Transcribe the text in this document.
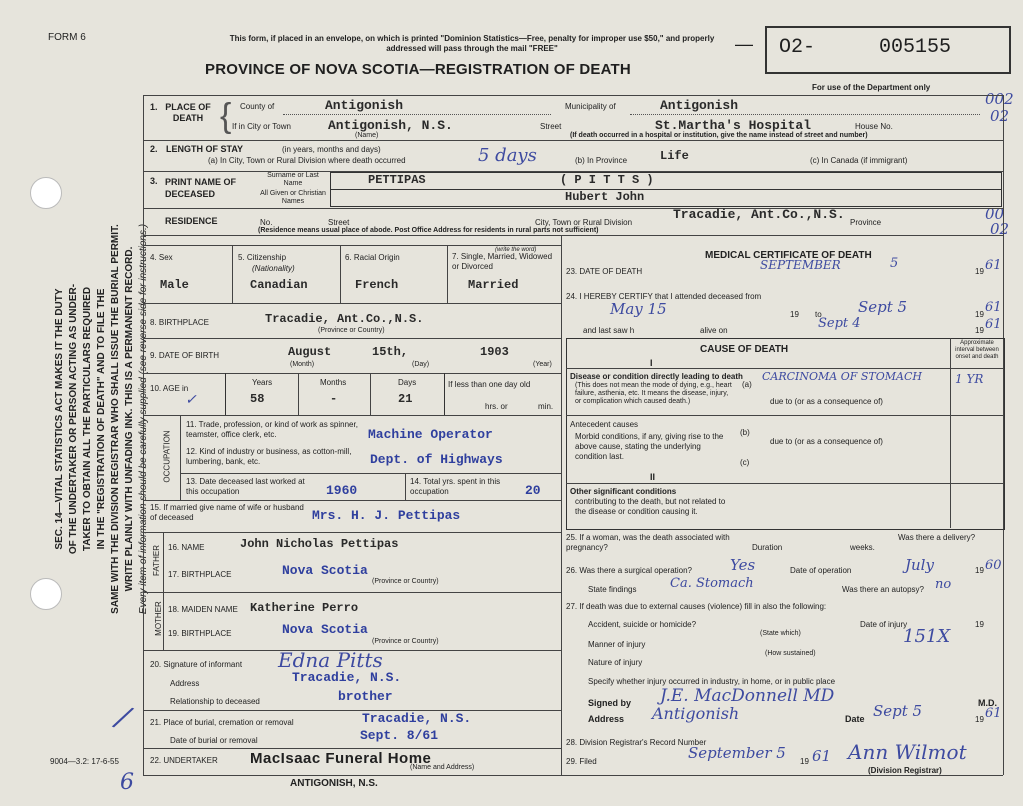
SEC. 14—VITAL STATISTICS ACT MAKES IT THE DUTY OF THE UNDERTAKER OR PERSON ACTING AS UNDER- TAKER TO OBTAIN ALL THE PARTICULARS REQUIRED IN THE "REGISTRATION OF DEATH" AND TO FILE THE SAME WITH THE DIVISION REGISTRAR WHO SHALL ISSUE THE BURIAL PERMIT. WRITE PLAINLY WITH UNFADING INK. THIS IS A PERMANENT RECORD. Every item of information should be carefully supplied (see reverse side for instructions.)
FORM 6	This form, if placed in an envelope, on which is printed "Dominion Statistics—Free, penalty for improper use $50," and properly addressed will pass through the mail "FREE"
PROVINCE OF NOVA SCOTIA—REGISTRATION OF DEATH
— O2-	005155
For use of the Department only
002
02
00
02
1. PLACE OF DEATH { County of	Antigonish	Municipality of	Antigonish
If in City or Town	Antigonish, N.S.
(Name)
Street	St.Martha's Hospital	House No.
(If death occurred in a hospital or institution, give the name instead of street and number)
2. LENGTH OF STAY	(in years, months and days)
(a) In City, Town or Rural Division where death occurred	5 days	(b) In Province	Life	(c) In Canada (if immigrant)
3. PRINT NAME OF DECEASED
Surname or Last Name
All Given or Christian Names
PETTIPAS	( P I T T S )
Hubert John
RESIDENCE	No.	Street	City, Town or Rural Division
Tracadie, Ant.Co.,N.S.
Province
(Residence means usual place of abode. Post Office Address for residents in rural parts not sufficient)
4. Sex
Male
5. Citizenship
(Nationality)
Canadian
6. Racial Origin
French
7. Single, Married, Widowed or Divorced
(write the word)
Married
8. BIRTHPLACE	Tracadie, Ant.Co.,N.S.
(Province or Country)
9. DATE OF BIRTH	August	15th,	1903
(Month)	(Day)	(Year)
10. AGE in
✓
Years
58
Months
-
Days
21
If less than one day old
hrs. or	min.
OCCUPATION
11. Trade, profession, or kind of work as spinner, teamster, office clerk, etc.	Machine Operator
12. Kind of industry or business, as cotton-mill, lumbering, bank, etc.	Dept. of Highways
13. Date deceased last worked at this occupation	1960
14. Total yrs. spent in this occupation	20
15. If married give name of wife or husband of deceased	Mrs. H. J. Pettipas
FATHER 16. NAME	John Nicholas Pettipas
17. BIRTHPLACE	Nova Scotia
(Province or Country)
MOTHER 18. MAIDEN NAME Katherine Perro
19. BIRTHPLACE	Nova Scotia
(Province or Country)
20. Signature of informant Edna Pitts
Address	Tracadie, N.S.
Relationship to deceased	brother
21. Place of burial, cremation or removal	Tracadie, N.S.
Date of burial or removal	Sept. 8/61
22. UNDERTAKER MacIsaac Funeral Home
(Name and Address)
ANTIGONISH, N.S.
9004—3.2: 17-6-55
6
/
MEDICAL CERTIFICATE OF DEATH
23. DATE OF DEATH	SEPTEMBER	5
19 61
24. I HEREBY CERTIFY that I attended deceased from
May 15	19 to Sept 5	19 61
and last saw h	alive on	Sept 4	19 61
CAUSE OF DEATH
Approximate interval between onset and death
I
Disease or condition directly leading to death
(This does not mean the mode of dying, e.g., heart failure, asthenia, etc. It means the disease, injury, or complication which caused death.)
(a)
CARCINOMA OF STOMACH	1 YR
due to (or as a consequence of)
Antecedent causes
Morbid conditions, if any, giving rise to the above cause, stating the underlying condition last.
(b)
due to (or as a consequence of)
(c)
II
Other significant conditions
contributing to the death, but not related to the disease or condition causing it.
25. If a woman, was the death associated with pregnancy?	Duration	weeks.
Was there a delivery?
26. Was there a surgical operation?	Yes	Date of operation	July	19 60
State findings	Ca. Stomach	Was there an autopsy? no
27. If death was due to external causes (violence) fill in also the following:
Accident, suicide or homicide?	Date of injury	19
(State which)	151X
Manner of injury
(How sustained)
Nature of injury
Specify whether injury occurred in industry, in home, or in public place
Signed by J.E. MacDonnell MD	M.D.
Address Antigonish	Date Sept 5	19 61
28. Division Registrar's Record Number
29. Filed	September 5 19 61 Ann Wilmot
(Division Registrar)
